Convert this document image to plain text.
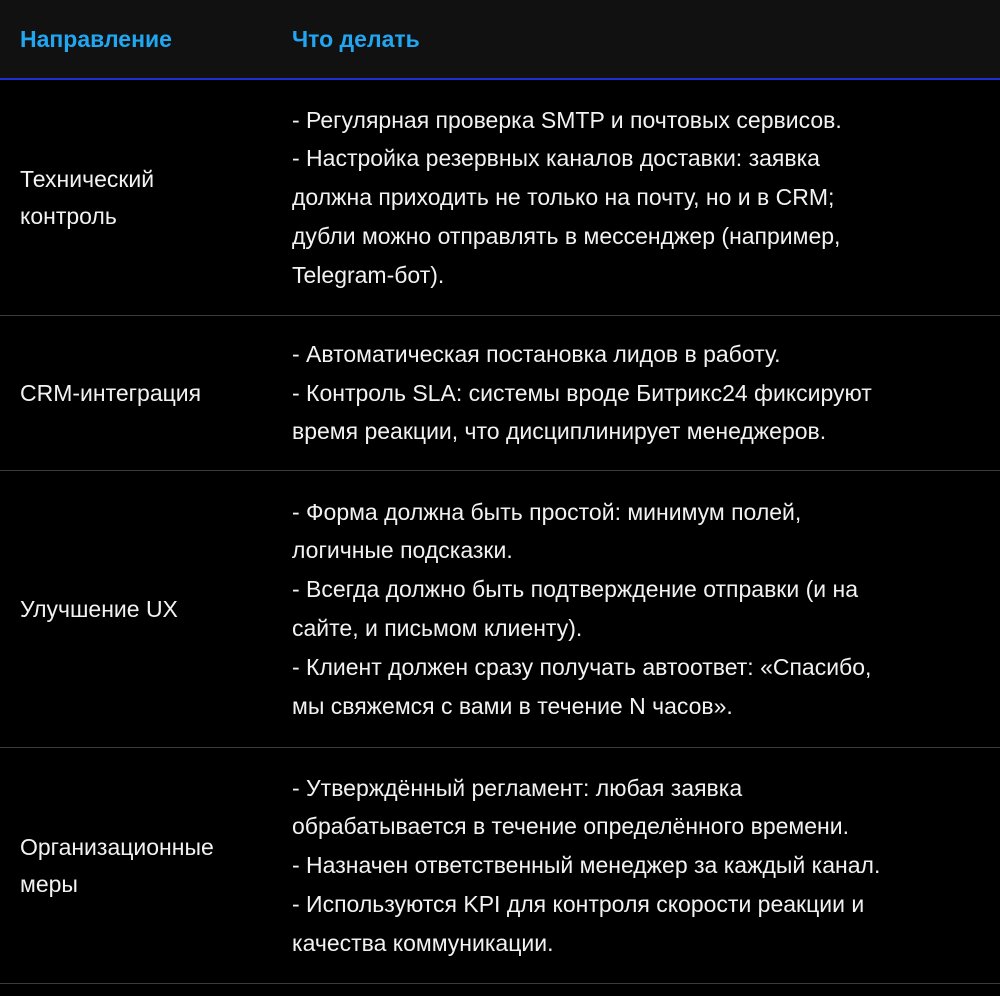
Направление	Что делать
Технический
контроль
- Регулярная проверка SMTP и почтовых сервисов.
- Настройка резервных каналов доставки: заявка
должна приходить не только на почту, но и в CRM;
дубли можно отправлять в мессенджер (например,
Telegram-бот).
CRM-интеграция
- Автоматическая постановка лидов в работу.
- Контроль SLA: системы вроде Битрикс24 фиксируют
время реакции, что дисциплинирует менеджеров.
Улучшение UX
- Форма должна быть простой: минимум полей,
логичные подсказки.
- Всегда должно быть подтверждение отправки (и на
сайте, и письмом клиенту).
- Клиент должен сразу получать автоответ: «Спасибо,
мы свяжемся с вами в течение N часов».
Организационные
меры
- Утверждённый регламент: любая заявка
обрабатывается в течение определённого времени.
- Назначен ответственный менеджер за каждый канал.
- Используются KPI для контроля скорости реакции и
качества коммуникации.
